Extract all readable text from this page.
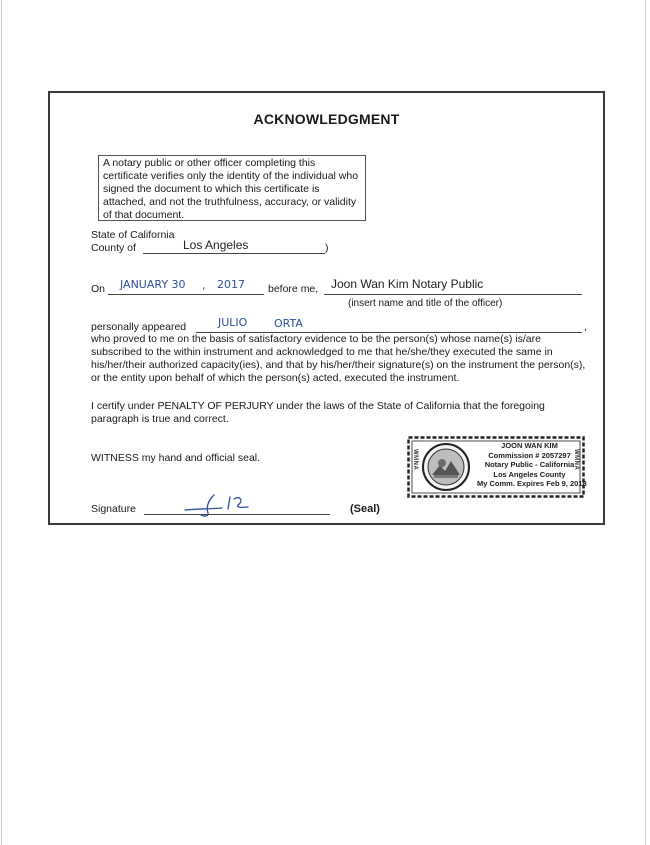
ACKNOWLEDGMENT
A notary public or other officer completing this certificate verifies only the identity of the individual who signed the document to which this certificate is attached, and not the truthfulness, accuracy, or validity of that document.
State of California
County of	Los Angeles	)
On JANUARY 30 , 2017 before me, Joon Wan Kim Notary Public
(insert name and title of the officer)
personally appeared	JULIO ORTA	,
who proved to me on the basis of satisfactory evidence to be the person(s) whose name(s) is/are subscribed to the within instrument and acknowledged to me that he/she/they executed the same in his/her/their authorized capacity(ies), and that by his/her/their signature(s) on the instrument the person(s), or the entity upon behalf of which the person(s) acted, executed the instrument.
I certify under PENALTY OF PERJURY under the laws of the State of California that the foregoing paragraph is true and correct.
WITNESS my hand and official seal.	WMNA	WMNA
JOON WAN KIM
Commission # 2057297
Notary Public - California
Los Angeles County
My Comm. Expires Feb 9, 2018
Signature	(Seal)
